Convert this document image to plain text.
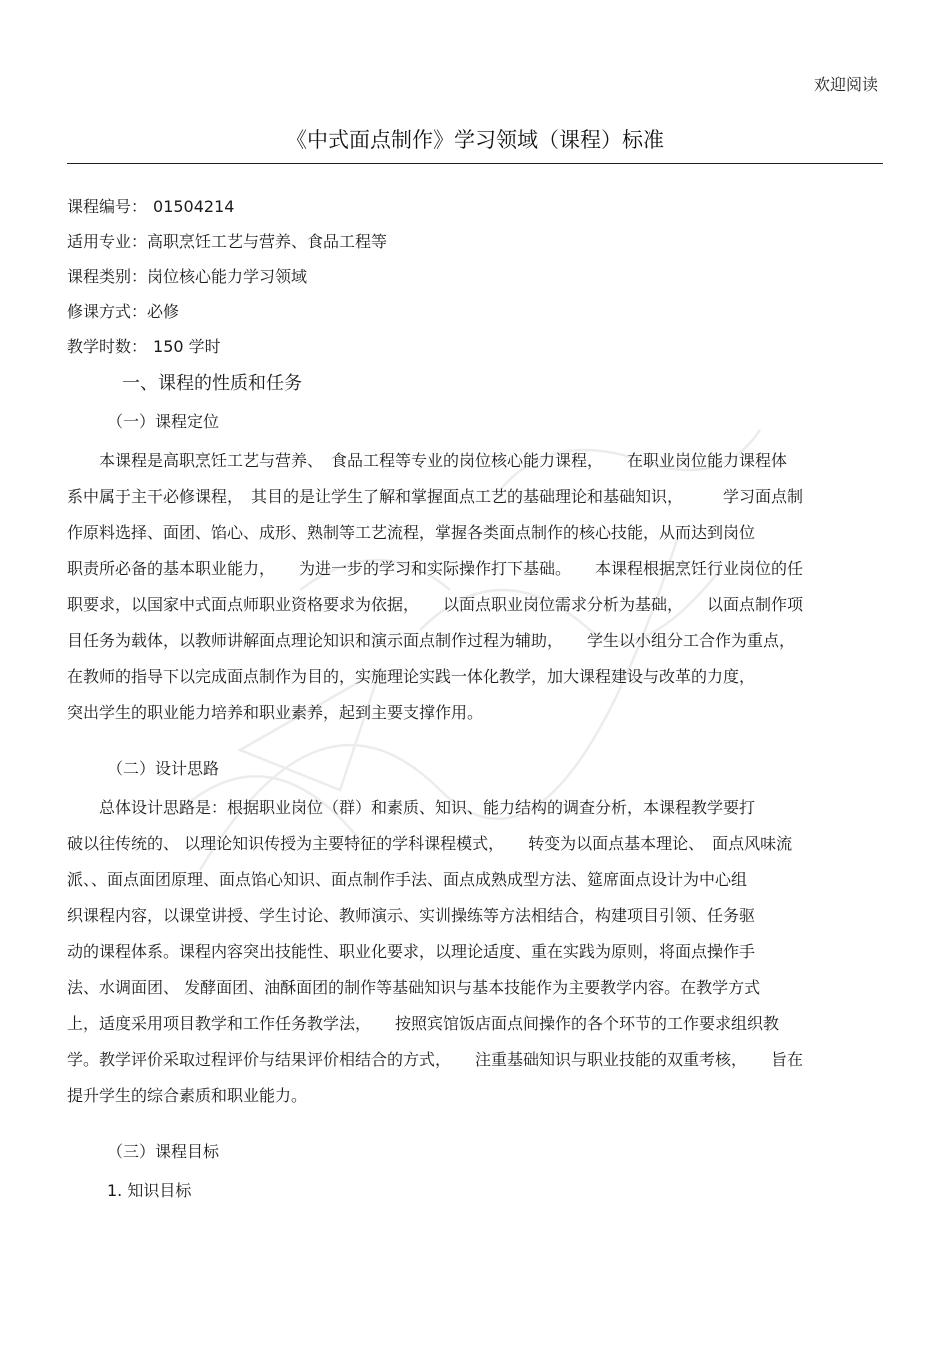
欢迎阅读
《中式面点制作》学习领域（课程）标准
课程编号： 01504214
适用专业：高职烹饪工艺与营养、食品工程等
课程类别：岗位核心能力学习领域
修课方式：必修
教学时数： 150 学时
一、课程的性质和任务
（一）课程定位
　　本课程是高职烹饪工艺与营养、　食品工程等专业的岗位核心能力课程，　　在职业岗位能力课程体
系中属于主干必修课程，　其目的是让学生了解和掌握面点工艺的基础理论和基础知识，　　　学习面点制
作原料选择、面团、馅心、成形、熟制等工艺流程，掌握各类面点制作的核心技能，从而达到岗位
职责所必备的基本职业能力，　　为进一步的学习和实际操作打下基础。　　本课程根据烹饪行业岗位的任
职要求，以国家中式面点师职业资格要求为依据，　　以面点职业岗位需求分析为基础，　　以面点制作项
目任务为载体，以教师讲解面点理论知识和演示面点制作过程为辅助，　　学生以小组分工合作为重点，
在教师的指导下以完成面点制作为目的，实施理论实践一体化教学，加大课程建设与改革的力度，
突出学生的职业能力培养和职业素养，起到主要支撑作用。
（二）设计思路
　　总体设计思路是：根据职业岗位（群）和素质、知识、能力结构的调查分析，本课程教学要打
破以往传统的、 以理论知识传授为主要特征的学科课程模式，　　转变为以面点基本理论、　面点风味流
派、、面点面团原理、面点馅心知识、面点制作手法、面点成熟成型方法、筵席面点设计为中心组
织课程内容，以课堂讲授、学生讨论、教师演示、实训操练等方法相结合，构建项目引领、任务驱
动的课程体系。课程内容突出技能性、职业化要求，以理论适度、重在实践为原则，将面点操作手
法、水调面团、 发酵面团、油酥面团的制作等基础知识与基本技能作为主要教学内容。在教学方式
上，适度采用项目教学和工作任务教学法，　　按照宾馆饭店面点间操作的各个环节的工作要求组织教
学。教学评价采取过程评价与结果评价相结合的方式，　　注重基础知识与职业技能的双重考核，　　旨在
提升学生的综合素质和职业能力。
（三）课程目标
1. 知识目标
